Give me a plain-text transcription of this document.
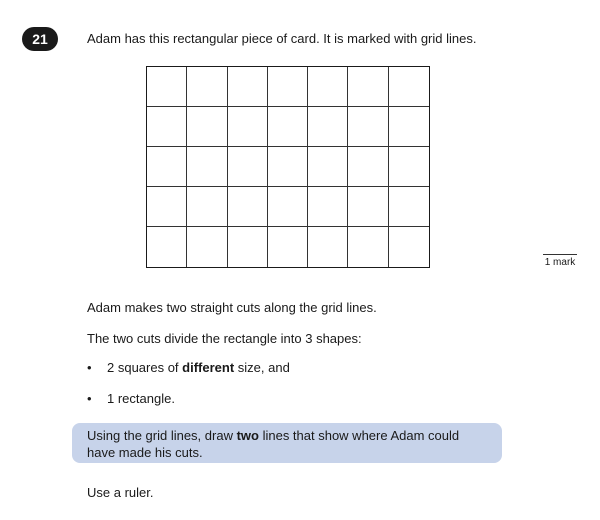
21	Adam has this rectangular piece of card. It is marked with grid lines.
1 mark
Adam makes two straight cuts along the grid lines.
The two cuts divide the rectangle into 3 shapes:
• 2 squares of different size, and
• 1 rectangle.
Using the grid lines, draw two lines that show where Adam could have made his cuts.
Use a ruler.
